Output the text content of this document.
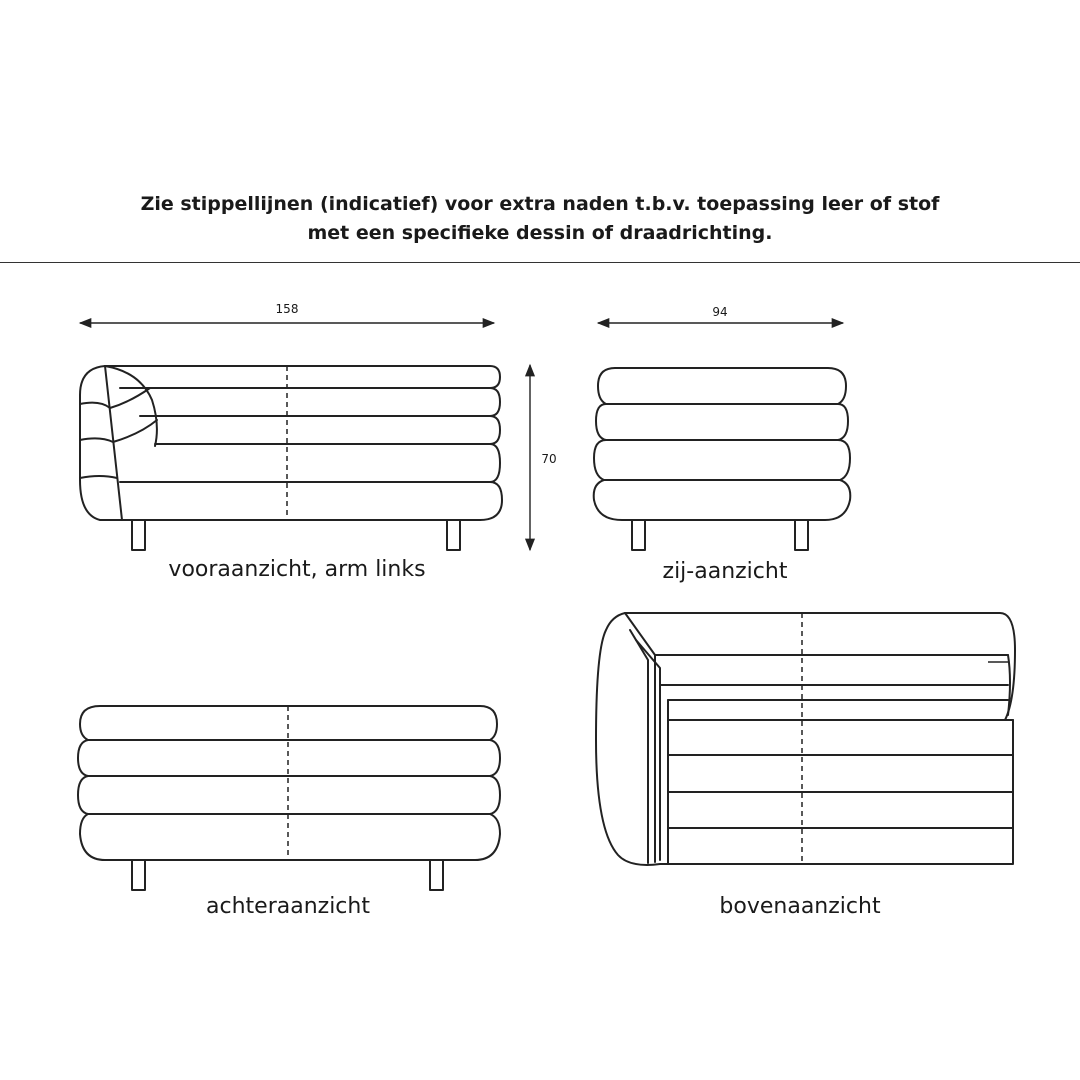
Zie stippellijnen (indicatief) voor extra naden t.b.v. toepassing leer of stof
met een specifieke dessin of draadrichting.
158	94
70
vooraanzicht, arm links	zij-aanzicht
achteraanzicht	bovenaanzicht
